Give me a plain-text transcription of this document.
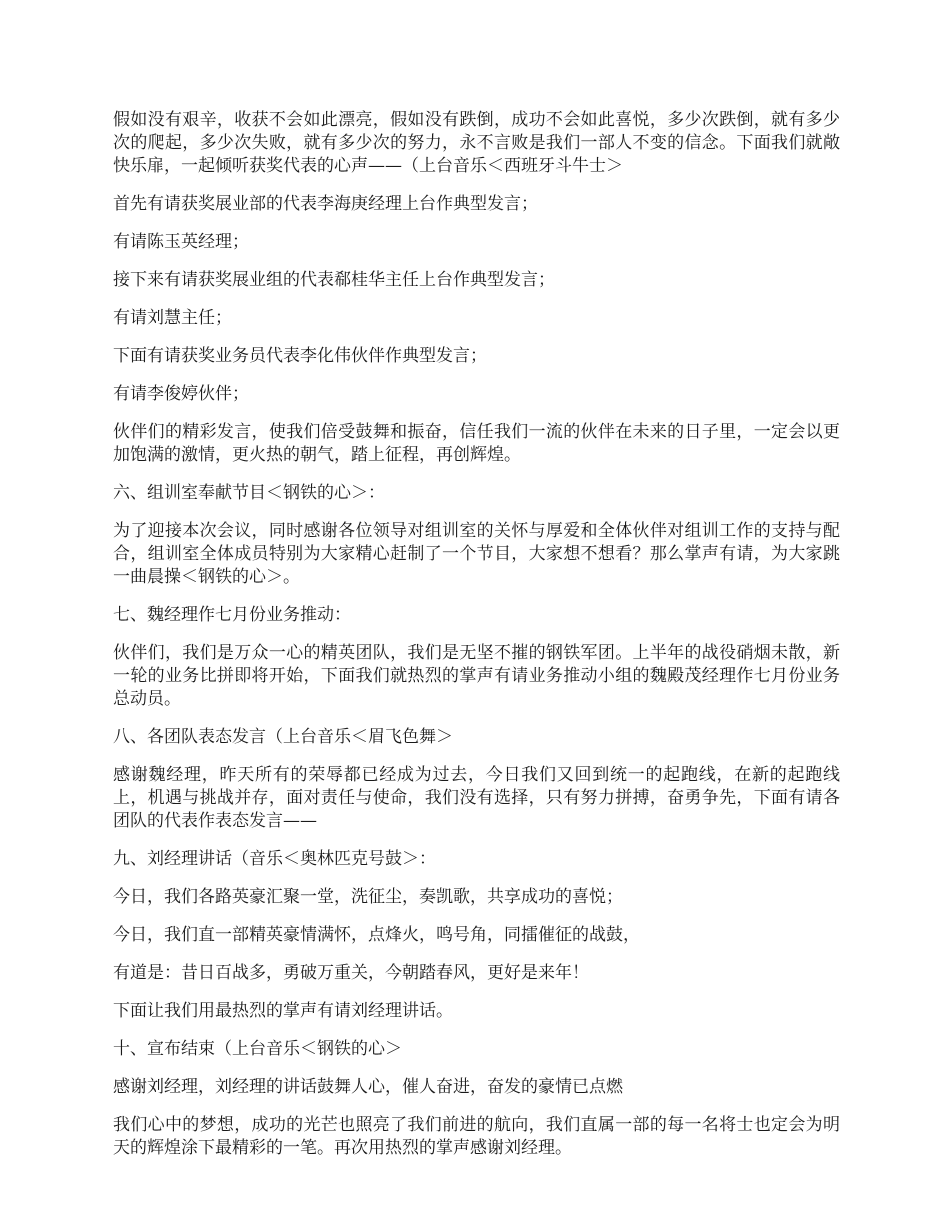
假如没有艰辛，收获不会如此漂亮，假如没有跌倒，成功不会如此喜悦，多少次跌倒，就有多少次的爬起，多少次失败，就有多少次的努力，永不言败是我们一部人不变的信念。下面我们就敞快乐扉，一起倾听获奖代表的心声——（上台音乐＜西班牙斗牛士＞

首先有请获奖展业部的代表李海庚经理上台作典型发言；

有请陈玉英经理；

接下来有请获奖展业组的代表郗桂华主任上台作典型发言；

有请刘慧主任；

下面有请获奖业务员代表李化伟伙伴作典型发言；

有请李俊婷伙伴；

伙伴们的精彩发言，使我们倍受鼓舞和振奋，信任我们一流的伙伴在未来的日子里，一定会以更加饱满的激情，更火热的朝气，踏上征程，再创辉煌。

六、组训室奉献节目＜钢铁的心＞：

为了迎接本次会议，同时感谢各位领导对组训室的关怀与厚爱和全体伙伴对组训工作的支持与配合，组训室全体成员特别为大家精心赶制了一个节目，大家想不想看？那么掌声有请，为大家跳一曲晨操＜钢铁的心＞。

七、魏经理作七月份业务推动：

伙伴们，我们是万众一心的精英团队，我们是无坚不摧的钢铁军团。上半年的战役硝烟未散，新一轮的业务比拼即将开始，下面我们就热烈的掌声有请业务推动小组的魏殿茂经理作七月份业务总动员。

八、各团队表态发言（上台音乐＜眉飞色舞＞

感谢魏经理，昨天所有的荣辱都已经成为过去，今日我们又回到统一的起跑线，在新的起跑线上，机遇与挑战并存，面对责任与使命，我们没有选择，只有努力拼搏，奋勇争先，下面有请各团队的代表作表态发言——

九、刘经理讲话（音乐＜奥林匹克号鼓＞：

今日，我们各路英豪汇聚一堂，洗征尘，奏凯歌，共享成功的喜悦；

今日，我们直一部精英豪情满怀，点烽火，鸣号角，同擂催征的战鼓，

有道是：昔日百战多，勇破万重关，今朝踏春风，更好是来年！

下面让我们用最热烈的掌声有请刘经理讲话。

十、宣布结束（上台音乐＜钢铁的心＞

感谢刘经理，刘经理的讲话鼓舞人心，催人奋进，奋发的豪情已点燃

我们心中的梦想，成功的光芒也照亮了我们前进的航向，我们直属一部的每一名将士也定会为明天的辉煌涂下最精彩的一笔。再次用热烈的掌声感谢刘经理。
